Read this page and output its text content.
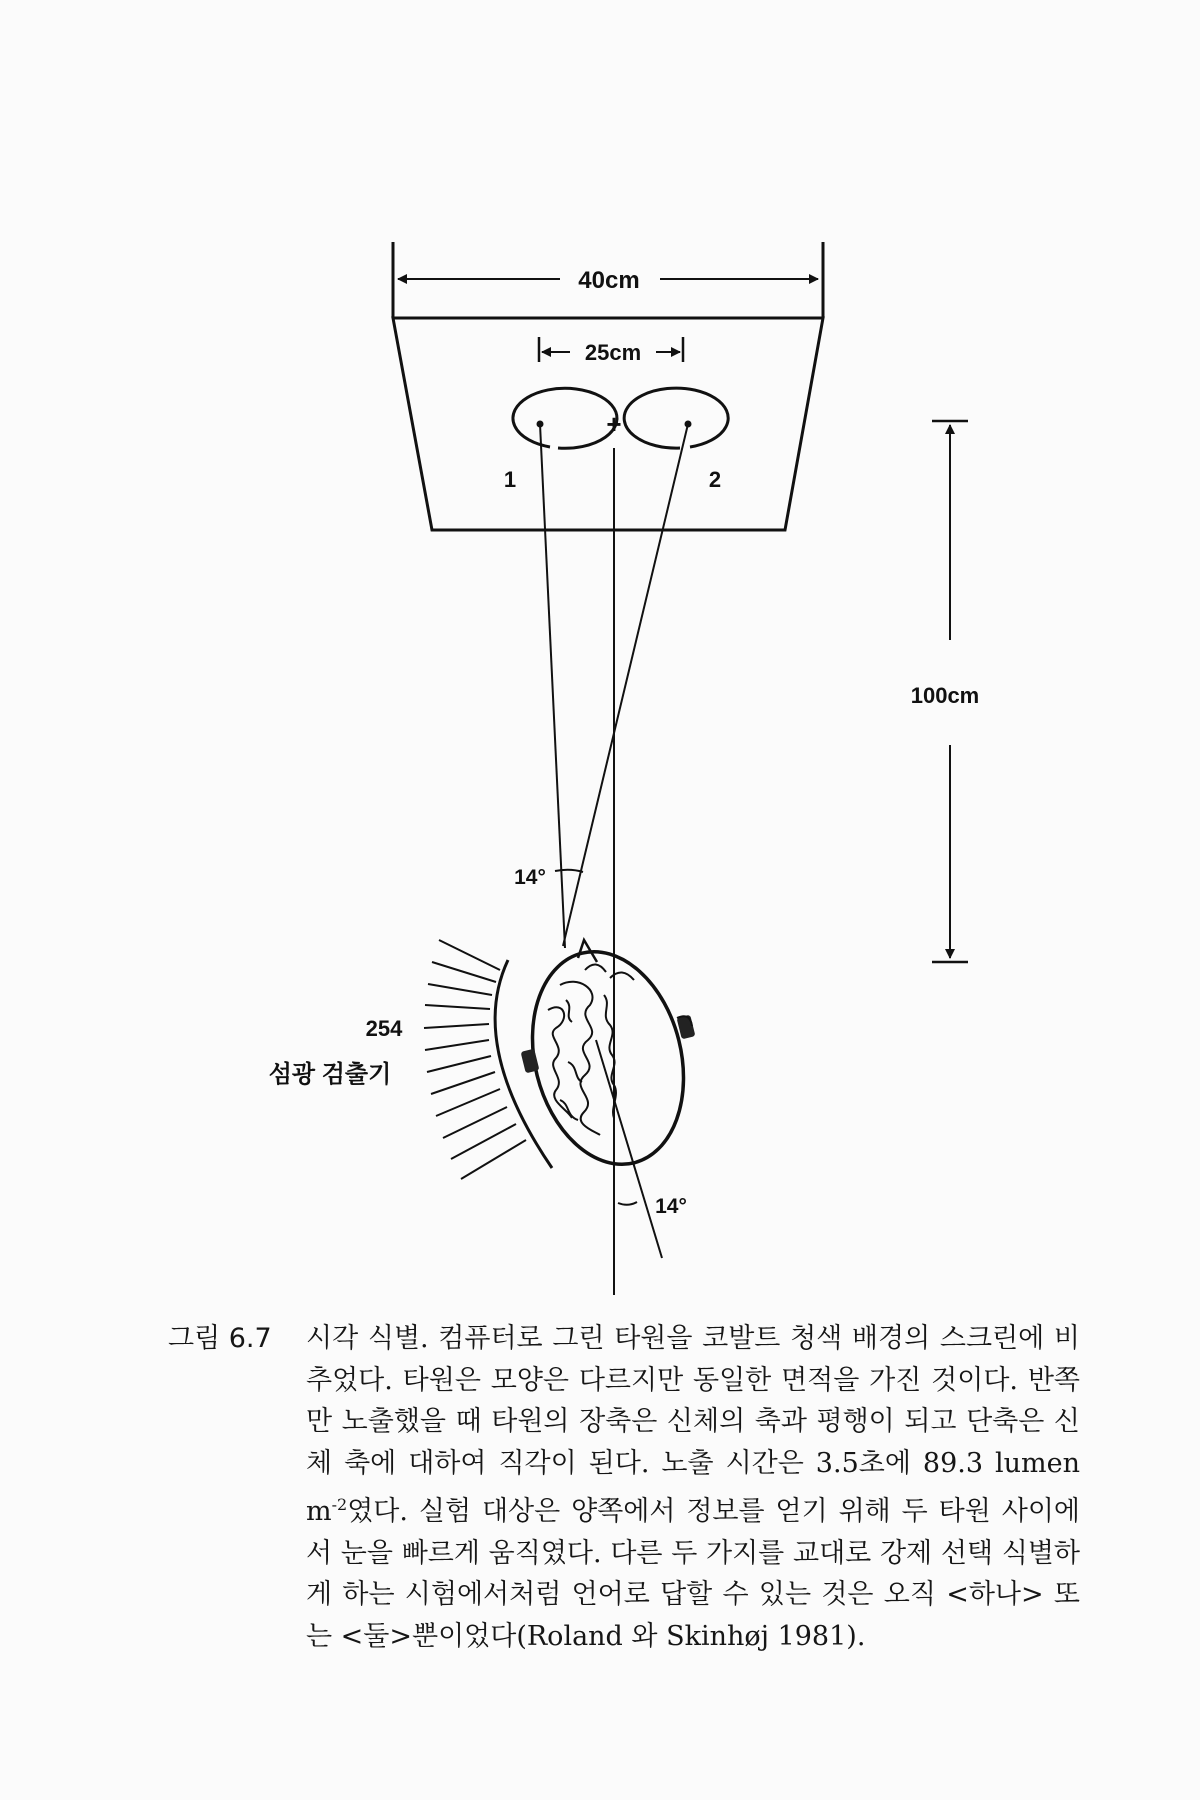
40cm
25cm
+
1	2
100cm
14°
14°
254
섬광 검출기
그림 6.7 시각 식별. 컴퓨터로 그린 타원을 코발트 청색 배경의 스크린에 비추었다. 타원은 모양은 다르지만 동일한 면적을 가진 것이다. 반쪽만 노출했을 때 타원의 장축은 신체의 축과 평행이 되고 단축은 신체 축에 대하여 직각이 된다. 노출 시간은 3.5초에 89.3 lumen $m^{-2}$였다. 실험 대상은 양쪽에서 정보를 얻기 위해 두 타원 사이에서 눈을 빠르게 움직였다. 다른 두 가지를 교대로 강제 선택 식별하게 하는 시험에서처럼 언어로 답할 수 있는 것은 오직 <하나> 또는 <둘>뿐이었다(Roland 와 Skinhøj 1981).
